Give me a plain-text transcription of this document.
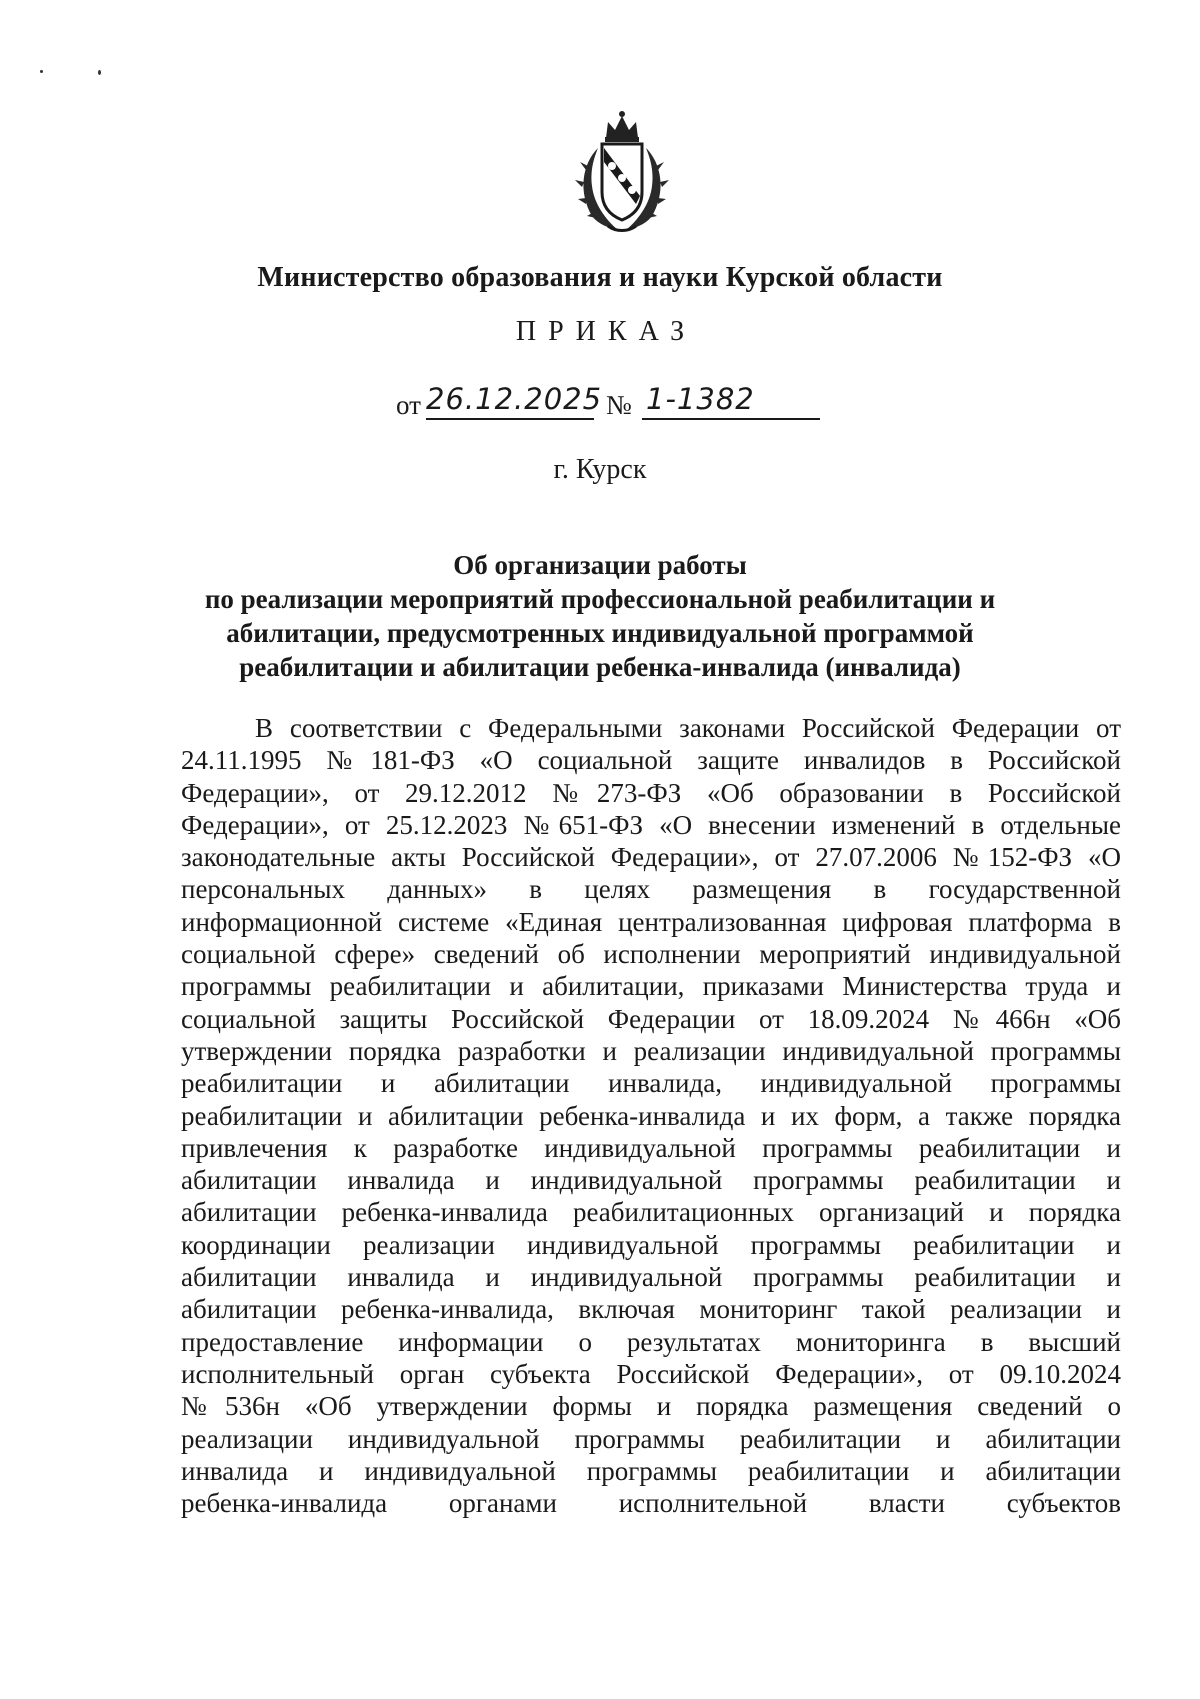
Министерство образования и науки Курской области
ПРИКАЗ
от 26.12.2025 № 1-1382
г. Курск
Об организации работы
по реализации мероприятий профессиональной реабилитации и
абилитации, предусмотренных индивидуальной программой
реабилитации и абилитации ребенка-инвалида (инвалида)
В соответствии с Федеральными законами Российской Федерации от
24.11.1995 №181-ФЗ «О социальной защите инвалидов в Российской
Федерации», от 29.12.2012 №273-ФЗ «Об образовании в Российской
Федерации», от 25.12.2023 №651-ФЗ «О внесении изменений в отдельные
законодательные акты Российской Федерации», от 27.07.2006 №152-ФЗ «О
персональных данных» в целях размещения в государственной
информационной системе «Единая централизованная цифровая платформа в
социальной сфере» сведений об исполнении мероприятий индивидуальной
программы реабилитации и абилитации, приказами Министерства труда и
социальной защиты Российской Федерации от 18.09.2024 №466н «Об
утверждении порядка разработки и реализации индивидуальной программы
реабилитации и абилитации инвалида, индивидуальной программы
реабилитации и абилитации ребенка-инвалида и их форм, а также порядка
привлечения к разработке индивидуальной программы реабилитации и
абилитации инвалида и индивидуальной программы реабилитации и
абилитации ребенка-инвалида реабилитационных организаций и порядка
координации реализации индивидуальной программы реабилитации и
абилитации инвалида и индивидуальной программы реабилитации и
абилитации ребенка-инвалида, включая мониторинг такой реализации и
предоставление информации о результатах мониторинга в высший
исполнительный орган субъекта Российской Федерации», от 09.10.2024
№536н «Об утверждении формы и порядка размещения сведений о
реализации индивидуальной программы реабилитации и абилитации
инвалида и индивидуальной программы реабилитации и абилитации
ребенка-инвалида органами исполнительной власти субъектов
